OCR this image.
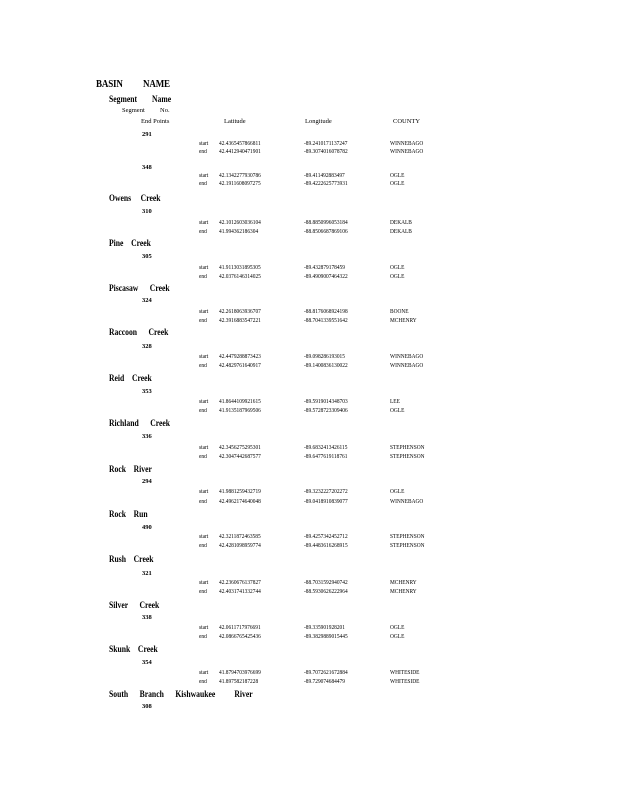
BASIN NAME
Segment Name
Segment No.
End Points	Latitude	Longitude	COUNTY
291
start 42.4365457866811	-89.2410171137247	WINNEBAGO
end 42.4412940471901	-89.3074016078782	WINNEBAGO
348
start 42.1342277930786	-89.411492883497	OGLE
end 42.1911608097275	-89.4222625773931	OGLE
Owens     Creek
310
start 42.1012603036104	-88.8850996053184	DEKALB
end 41.994362186304	-88.8506687869106	DEKALB
Pine    Creek
305
start 41.9113031895305	-89.432879178459	OGLE
end 42.0376146314025	-89.4909007464322	OGLE
Piscasaw      Creek
324
start 42.2618063936707	-88.8176068924198	BOONE
end 42.3916883547221	-88.7041339551642	MCHENRY
Raccoon      Creek
328
start 42.4479288873423	-89.098286193015	WINNEBAGO
end 42.4829761640917	-89.1400836130022	WINNEBAGO
Reid    Creek
353
start 41.8644109921615	-89.5919014348703	LEE
end 41.9135187969506	-89.5728723309406	OGLE
Richland      Creek
336
start 42.3456275295301	-89.6832413426115	STEPHENSON
end 42.3047442687577	-89.6477619118761	STEPHENSON
Rock    River
294
start 41.9881259432719	-89.3232227202272	OGLE
end 42.4962174640048	-89.0418910839077	WINNEBAGO
Rock    Run
490
start 42.3211872463585	-89.4257342452712	STEPHENSON
end 42.4281098959774	-89.4483616268915	STEPHENSON
Rush    Creek
321
start 42.2360676137827	-88.7031592940742	MCHENRY
end 42.4031741332744	-88.5930626222964	MCHENRY
Silver      Creek
338
start 42.0611717976691	-89.335901928201	OGLE
end 42.0866765425436	-89.3829889015445	OGLE
Skunk    Creek
354
start 41.8794703976699	-89.7072621672884	WHITESIDE
end 41.897582187228	-89.729074684479	WHITESIDE
South      Branch      Kishwaukee          River
308
